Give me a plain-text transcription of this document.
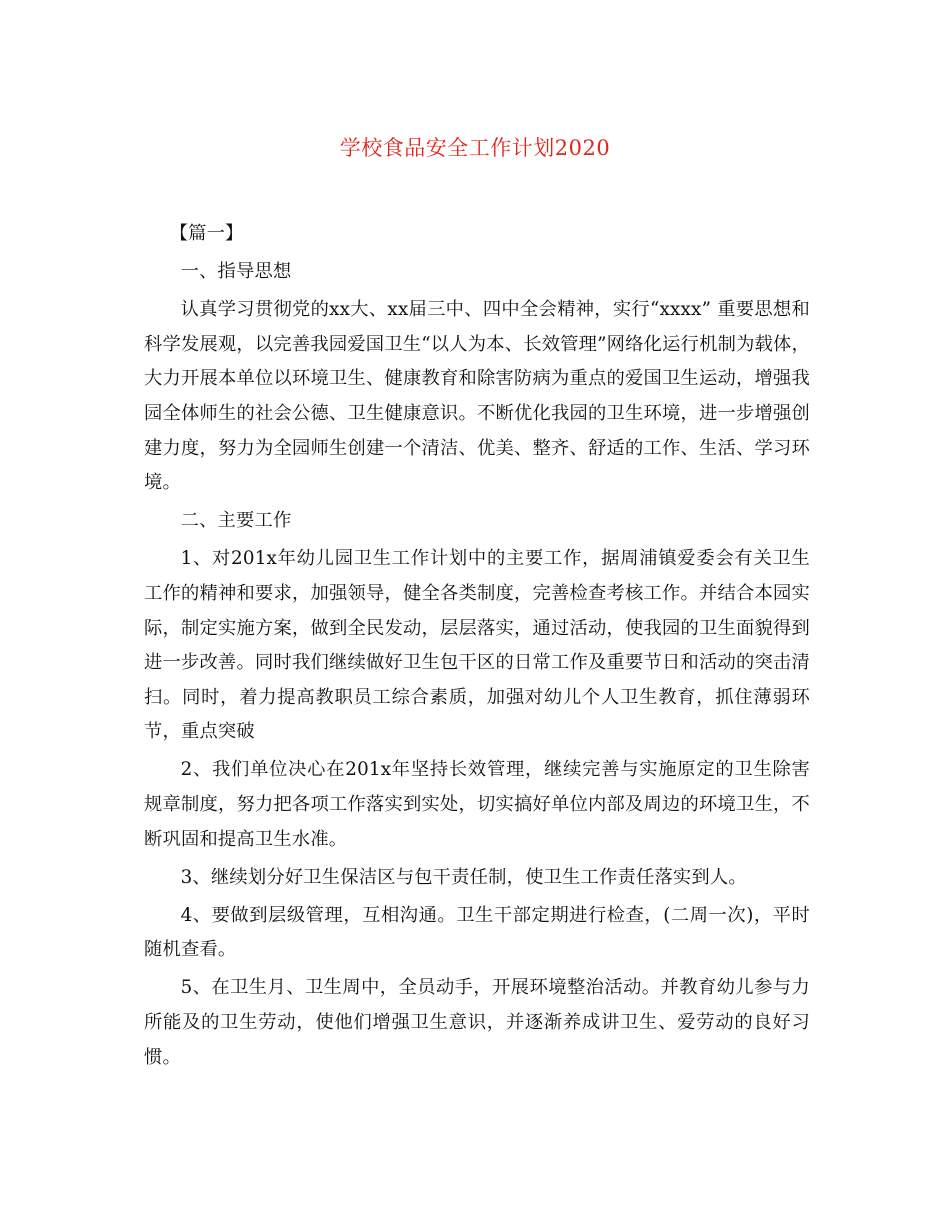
学校食品安全工作计划2020

【篇一】

一、指导思想

认真学习贯彻党的xx大、xx届三中、四中全会精神，实行“xxxx” 重要思想和科学发展观，以完善我园爱国卫生“以人为本、长效管理”网络化运行机制为载体，大力开展本单位以环境卫生、健康教育和除害防病为重点的爱国卫生运动，增强我园全体师生的社会公德、卫生健康意识。不断优化我园的卫生环境，进一步增强创建力度，努力为全园师生创建一个清洁、优美、整齐、舒适的工作、生活、学习环境。

二、主要工作

1、对201x年幼儿园卫生工作计划中的主要工作，据周浦镇爱委会有关卫生工作的精神和要求，加强领导，健全各类制度，完善检查考核工作。并结合本园实际，制定实施方案，做到全民发动，层层落实，通过活动，使我园的卫生面貌得到进一步改善。同时我们继续做好卫生包干区的日常工作及重要节日和活动的突击清扫。同时，着力提高教职员工综合素质，加强对幼儿个人卫生教育，抓住薄弱环节，重点突破

2、我们单位决心在201x年坚持长效管理，继续完善与实施原定的卫生除害规章制度，努力把各项工作落实到实处，切实搞好单位内部及周边的环境卫生，不断巩固和提高卫生水准。

3、继续划分好卫生保洁区与包干责任制，使卫生工作责任落实到人。

4、要做到层级管理，互相沟通。卫生干部定期进行检查，(二周一次)，平时随机查看。

5、在卫生月、卫生周中，全员动手，开展环境整治活动。并教育幼儿参与力所能及的卫生劳动，使他们增强卫生意识，并逐渐养成讲卫生、爱劳动的良好习惯。
